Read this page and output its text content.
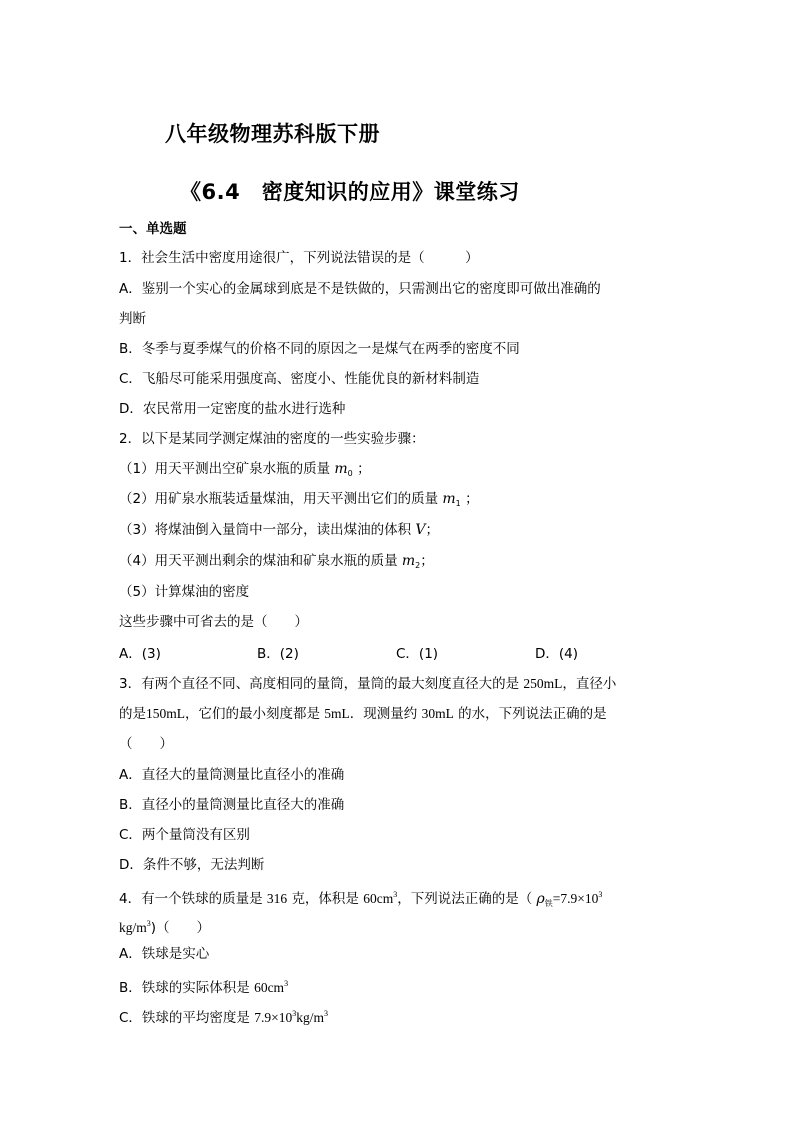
八年级物理苏科版下册
《6.4　密度知识的应用》课堂练习
一、单选题
1．社会生活中密度用途很广，下列说法错误的是（　　　）
A．鉴别一个实心的金属球到底是不是铁做的，只需测出它的密度即可做出准确的
判断
B．冬季与夏季煤气的价格不同的原因之一是煤气在两季的密度不同
C．飞船尽可能采用强度高、密度小、性能优良的新材料制造
D．农民常用一定密度的盐水进行选种
2．以下是某同学测定煤油的密度的一些实验步骤：
（1）用天平测出空矿泉水瓶的质量 $m_0$ ；
（2）用矿泉水瓶装适量煤油，用天平测出它们的质量 $m_1$ ；
（3）将煤油倒入量筒中一部分，读出煤油的体积 V；
（4）用天平测出剩余的煤油和矿泉水瓶的质量 $m_2$；
（5）计算煤油的密度
这些步骤中可省去的是（　　）
A．(3)	B．(2)	C．(1)	D．(4)
3．有两个直径不同、高度相同的量筒，量筒的最大刻度直径大的是 250mL，直径小
的是150mL，它们的最小刻度都是 5mL．现测量约 30mL 的水，下列说法正确的是
（　　）
A．直径大的量筒测量比直径小的准确
B．直径小的量筒测量比直径大的准确
C．两个量筒没有区别
D．条件不够，无法判断
4．有一个铁球的质量是 316 克，体积是 $60cm^3$，下列说法正确的是（ $\rho_铁=7.9\times 10^3$
$kg/m^3$)（　　）
A．铁球是实心
B．铁球的实际体积是 $60cm^3$
C．铁球的平均密度是 $7.9\times 10^3kg/m^3$
